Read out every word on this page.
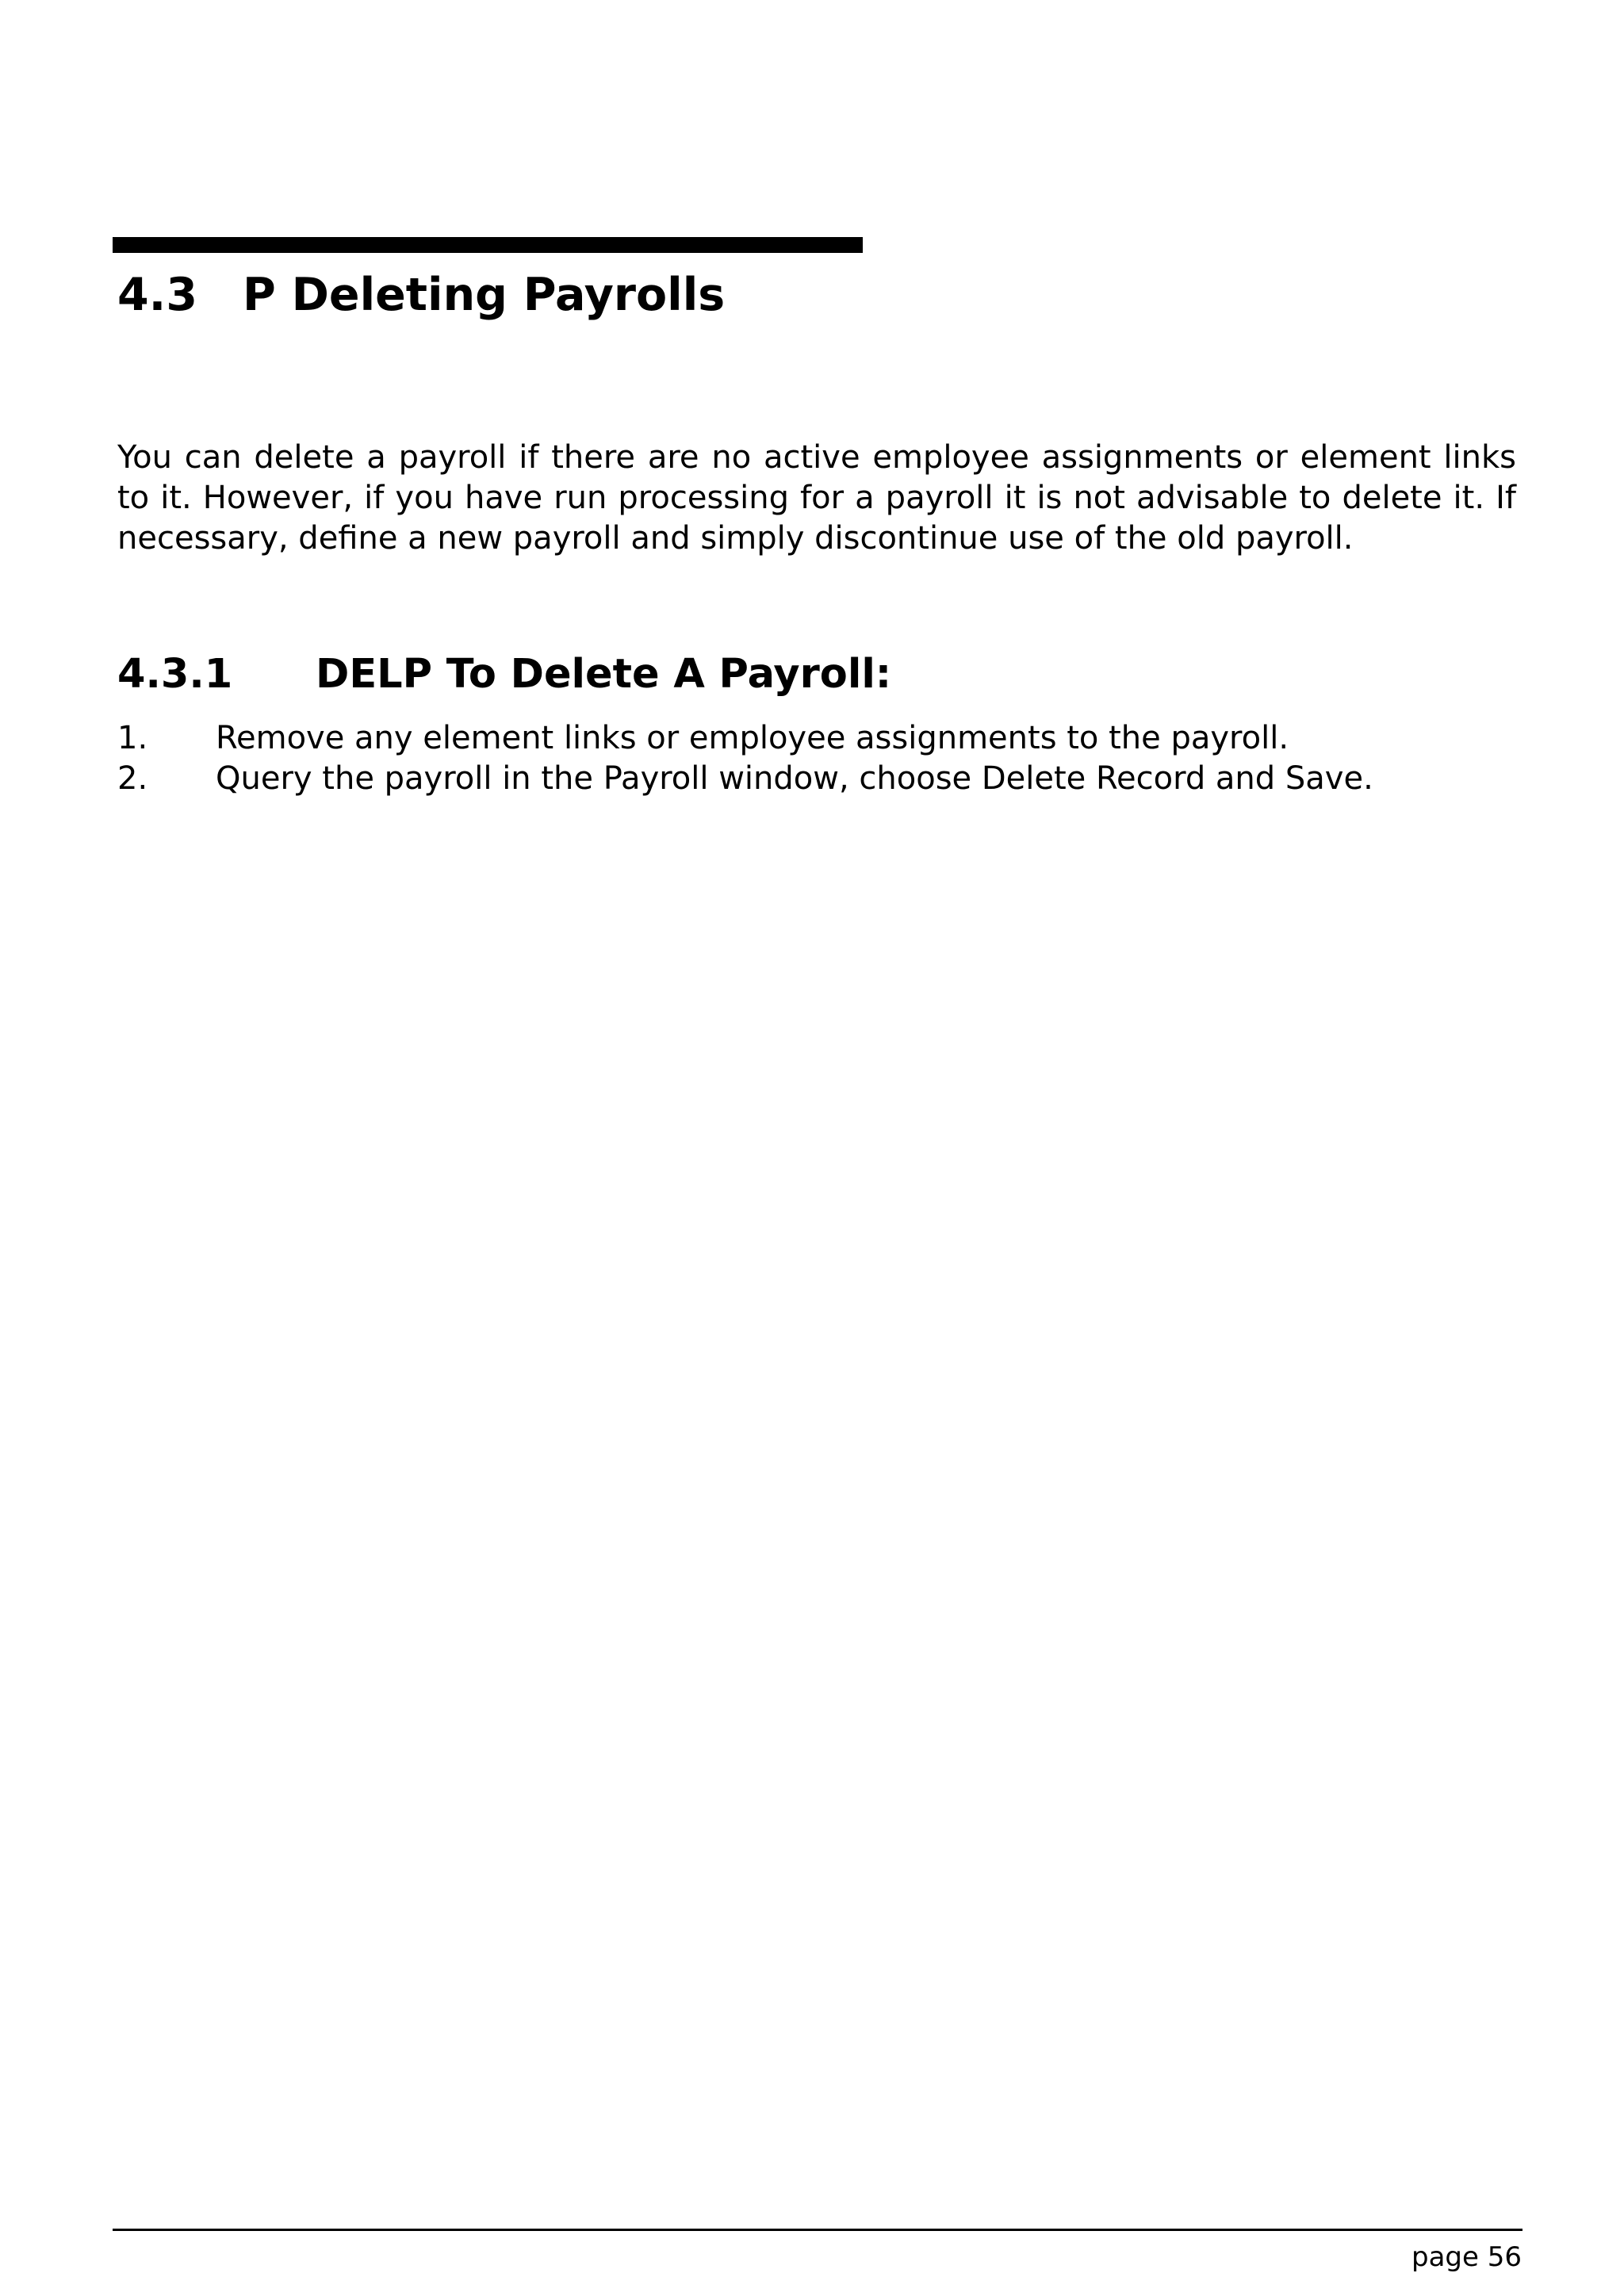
4.3 P Deleting Payrolls

You can delete a payroll if there are no active employee assignments or element links to it. However, if you have run processing for a payroll it is not advisable to delete it. If necessary, define a new payroll and simply discontinue use of the old payroll.

4.3.1 DELP To Delete A Payroll:
1. Remove any element links or employee assignments to the payroll.
2. Query the payroll in the Payroll window, choose Delete Record and Save.
page 56
